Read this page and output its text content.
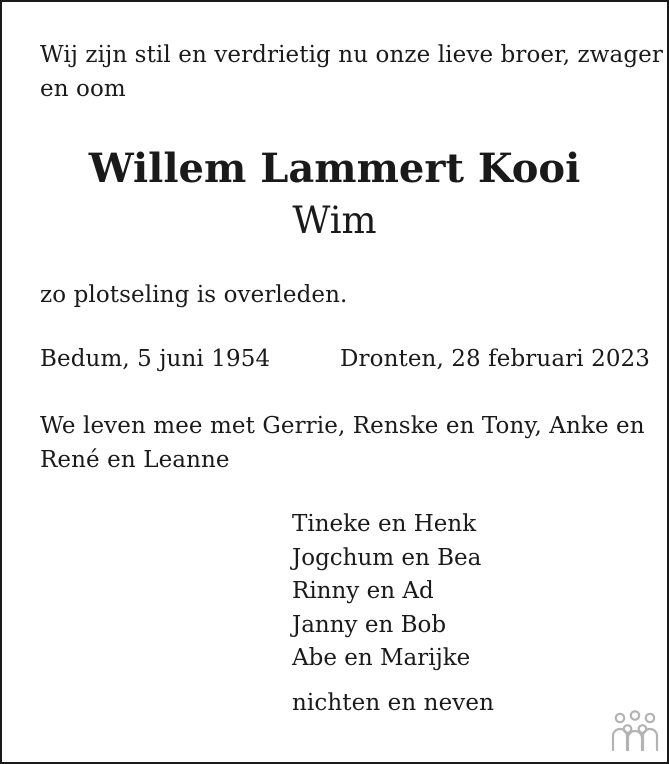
Wij zijn stil en verdrietig nu onze lieve broer, zwager
en oom

Willem Lammert Kooi

Wim

zo plotseling is overleden.

Bedum, 5 juni 1954	Dronten, 28 februari 2023

We leven mee met Gerrie, Renske en Tony, Anke en
René en Leanne

Tineke en Henk
Jogchum en Bea
Rinny en Ad
Janny en Bob
Abe en Marijke

nichten en neven
